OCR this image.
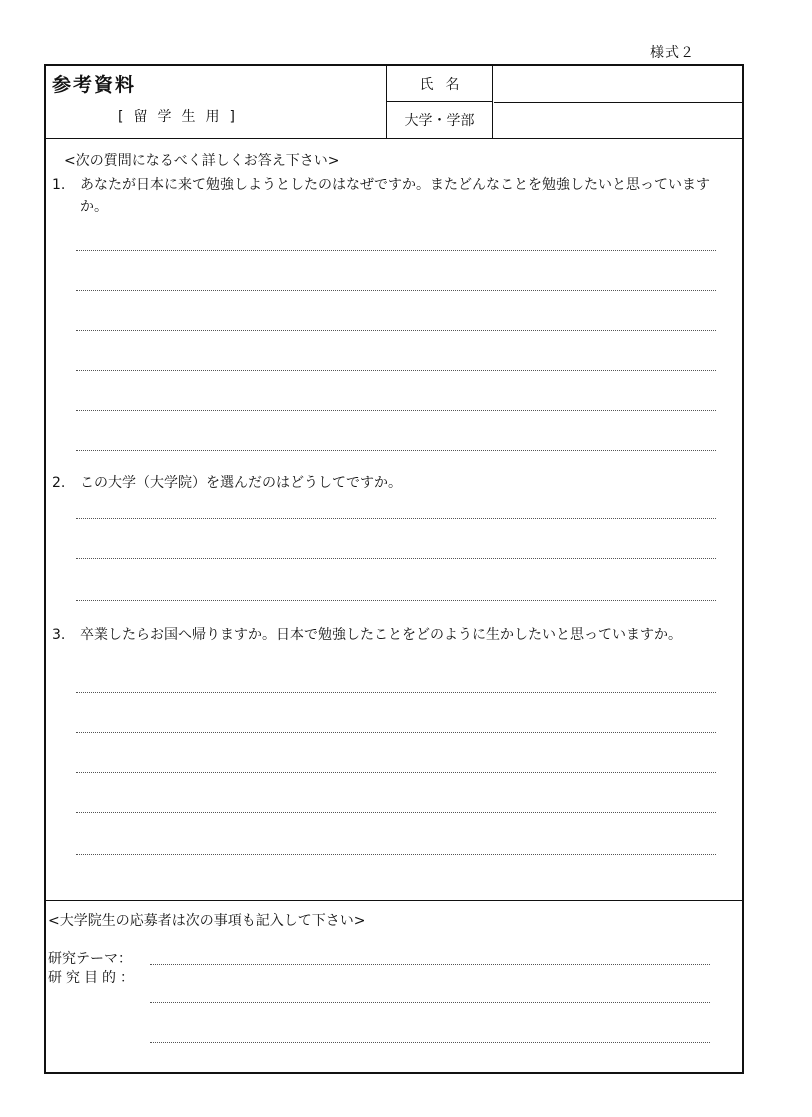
様式２
参考資料
[留学生用]
氏名
大学・学部
<次の質問になるべく詳しくお答え下さい>
1. あなたが日本に来て勉強しようとしたのはなぜですか。またどんなことを勉強したいと思っていますか。
2. この大学（大学院）を選んだのはどうしてですか。
3. 卒業したらお国へ帰りますか。日本で勉強したことをどのように生かしたいと思っていますか。
<大学院生の応募者は次の事項も記入して下さい>
研究テーマ：
研究目的：
